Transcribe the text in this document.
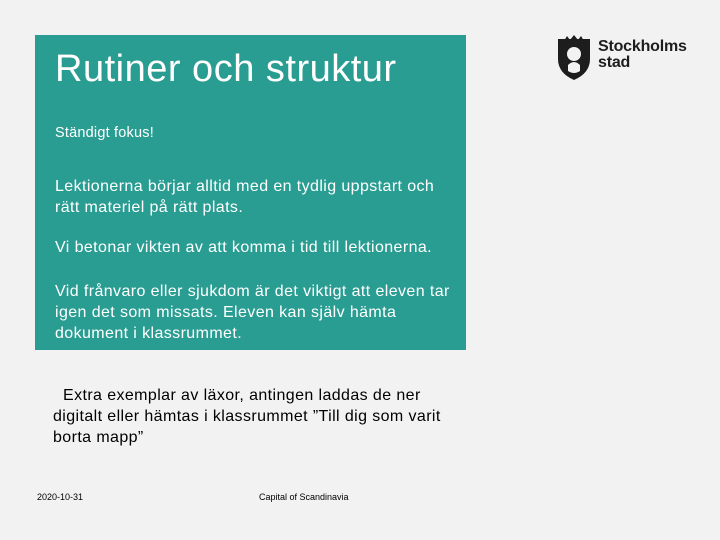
Rutiner och struktur

Ständigt fokus!

Lektionerna börjar alltid med en tydlig uppstart och rätt materiel på rätt plats.

Vi betonar vikten av att komma i tid till lektionerna.

Vid frånvaro eller sjukdom är det viktigt att eleven tar igen det som missats. Eleven kan själv hämta dokument i klassrummet.

Extra exemplar av läxor, antingen laddas de ner digitalt eller hämtas i klassrummet ”Till dig som varit borta mapp”

2020-10-31	Capital of Scandinavia
Stockholms
stad
